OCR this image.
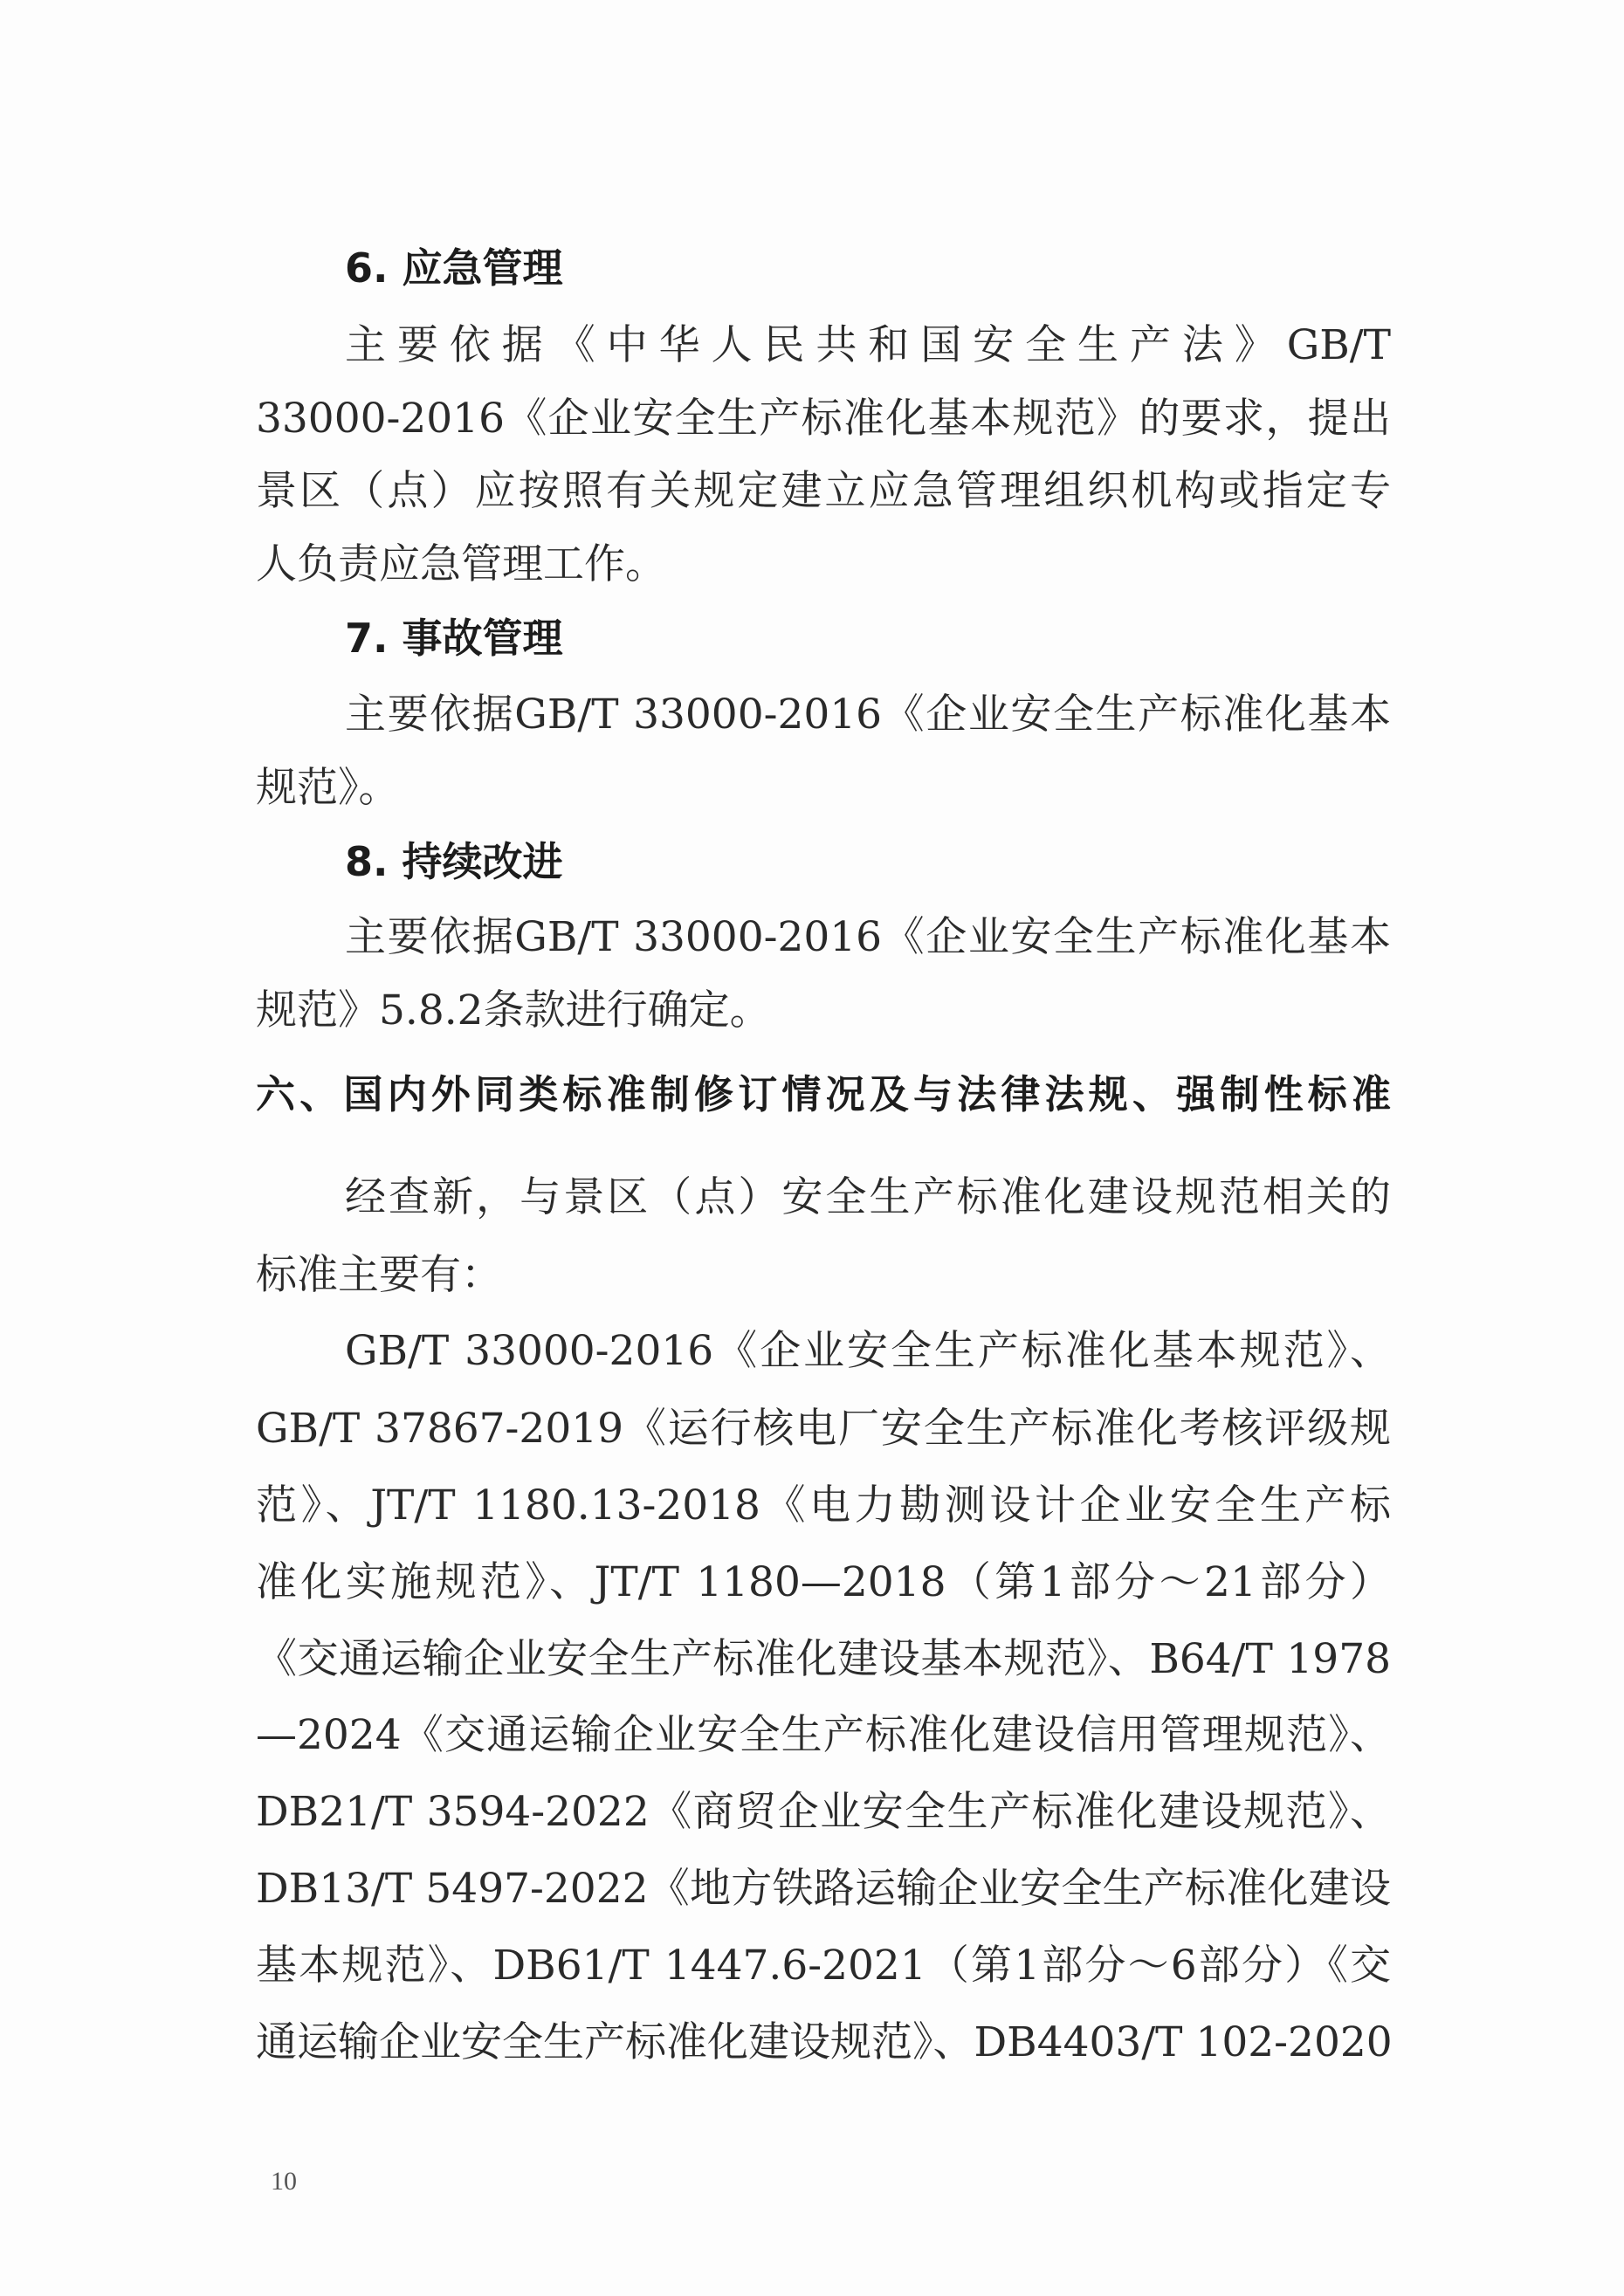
6. 应急管理
主要依据《中华人民共和国安全生产法》GB/T
33000-2016《企业安全生产标准化基本规范》的要求，提出
景区（点）应按照有关规定建立应急管理组织机构或指定专
人负责应急管理工作。
7. 事故管理
主要依据GB/T 33000-2016《企业安全生产标准化基本
规范》。
8. 持续改进
主要依据GB/T 33000-2016《企业安全生产标准化基本
规范》5.8.2条款进行确定。
六、国内外同类标准制修订情况及与法律法规、强制性标准
经查新，与景区（点）安全生产标准化建设规范相关的
标准主要有：
GB/T 33000-2016《企业安全生产标准化基本规范》、
GB/T 37867-2019《运行核电厂安全生产标准化考核评级规
范》、JT/T 1180.13-2018《电力勘测设计企业安全生产标
准化实施规范》、JT/T 1180—2018（第1部分～21部分）
《交通运输企业安全生产标准化建设基本规范》、B64/T 1978
—2024《交通运输企业安全生产标准化建设信用管理规范》、
DB21/T 3594-2022《商贸企业安全生产标准化建设规范》、
DB13/T 5497-2022《地方铁路运输企业安全生产标准化建设
基本规范》、DB61/T 1447.6-2021（第1部分～6部分）《交
通运输企业安全生产标准化建设规范》、DB4403/T 102-2020
10
